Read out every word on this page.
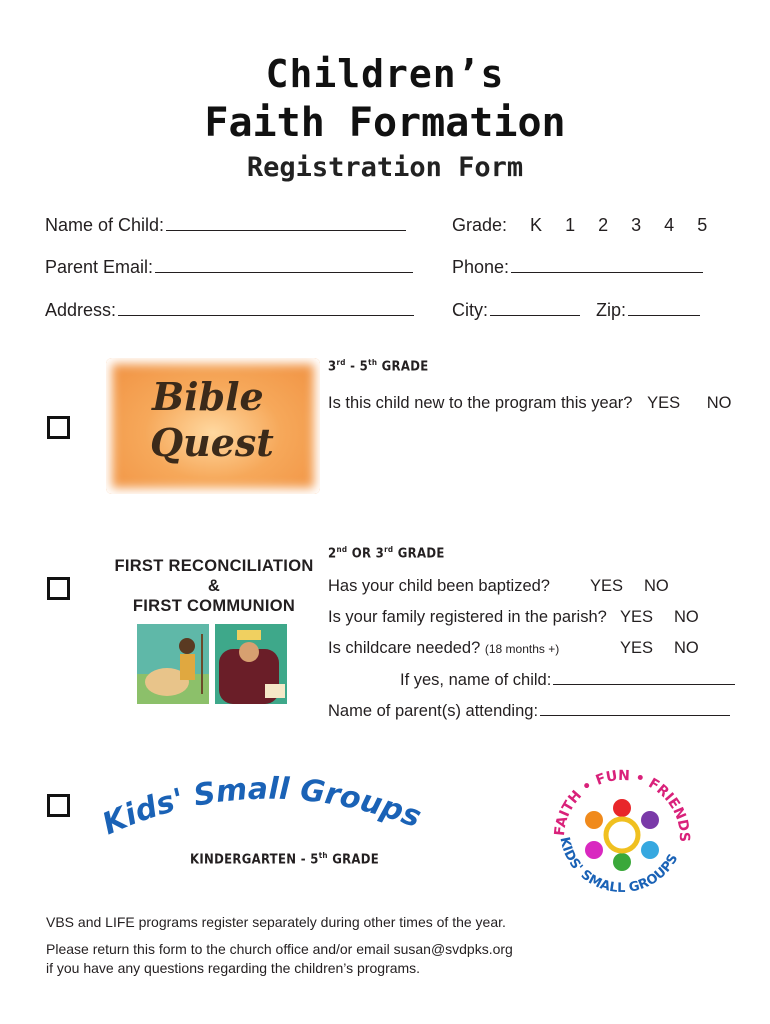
Children’s
Faith Formation
Registration Form
Name of Child:	Grade: K 1 2 3 4 5
Parent Email:	Phone:
Address:	City:	Zip:
Bible
Quest
3rd - 5th GRADE
Is this child new to the program this year? YES NO
FIRST RECONCILIATION
&
FIRST COMMUNION
2nd OR 3rd GRADE
Has your child been baptized? YES NO
Is your family registered in the parish? YES NO
Is childcare needed? (18 months +)	YES NO
If yes, name of child:
Name of parent(s) attending:
Kids' Small Groups
KINDERGARTEN - 5th GRADE
FAITH • FUN • FRIENDS
KIDS' SMALL GROUPS
VBS and LIFE programs register separately during other times of the year.
Please return this form to the church office and/or email susan@svdpks.org
if you have any questions regarding the children’s programs.
